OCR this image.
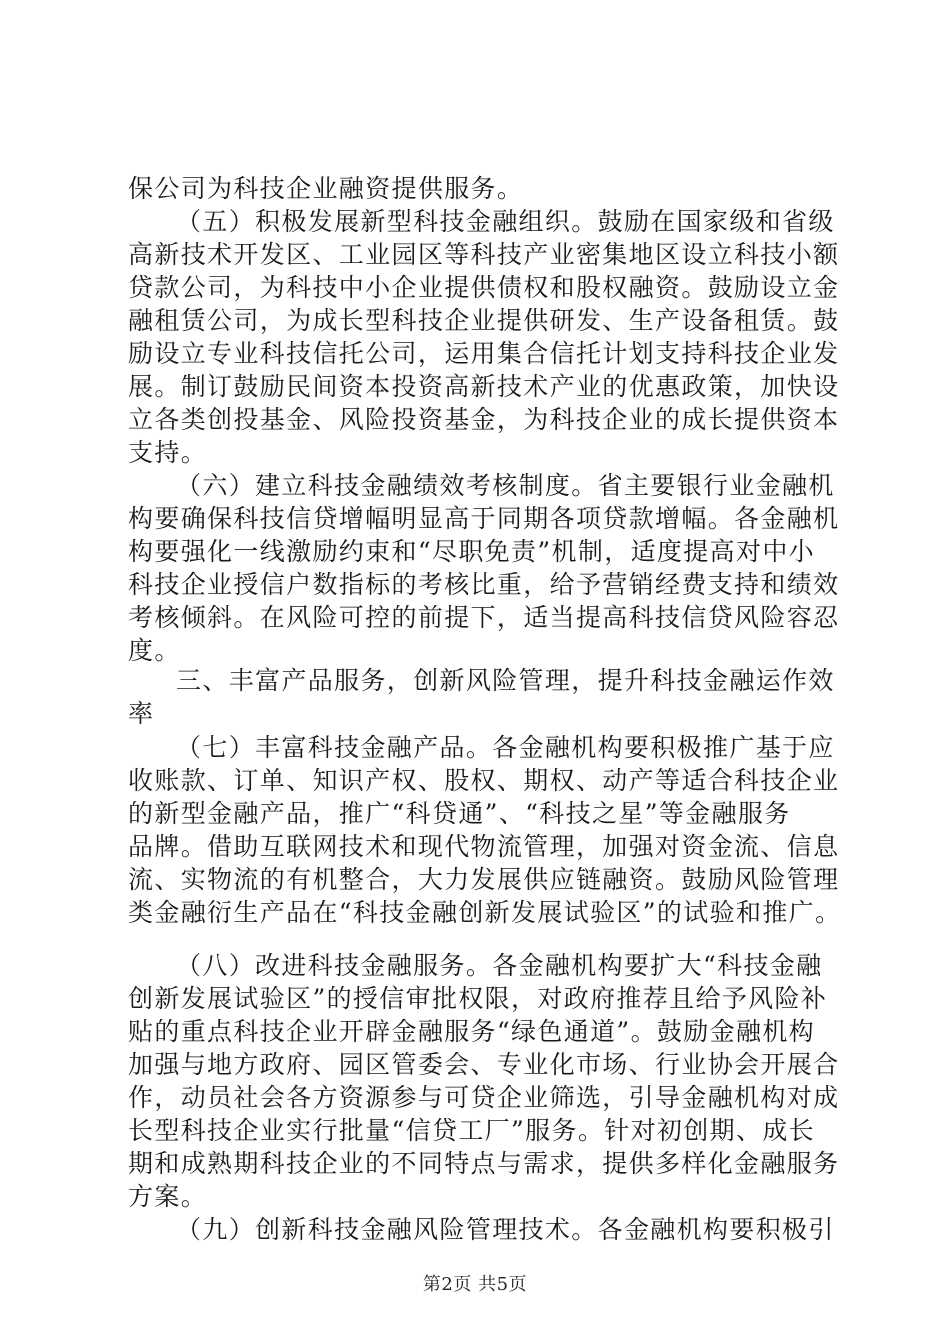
保公司为科技企业融资提供服务。
（五）积极发展新型科技金融组织。鼓励在国家级和省级
高新技术开发区、工业园区等科技产业密集地区设立科技小额
贷款公司，为科技中小企业提供债权和股权融资。鼓励设立金
融租赁公司，为成长型科技企业提供研发、生产设备租赁。鼓
励设立专业科技信托公司，运用集合信托计划支持科技企业发
展。制订鼓励民间资本投资高新技术产业的优惠政策，加快设
立各类创投基金、风险投资基金，为科技企业的成长提供资本
支持。
（六）建立科技金融绩效考核制度。省主要银行业金融机
构要确保科技信贷增幅明显高于同期各项贷款增幅。各金融机
构要强化一线激励约束和“尽职免责”机制，适度提高对中小
科技企业授信户数指标的考核比重，给予营销经费支持和绩效
考核倾斜。在风险可控的前提下，适当提高科技信贷风险容忍
度。
三、丰富产品服务，创新风险管理，提升科技金融运作效
率
（七）丰富科技金融产品。各金融机构要积极推广基于应
收账款、订单、知识产权、股权、期权、动产等适合科技企业
的新型金融产品，推广“科贷通”、“科技之星”等金融服务
品牌。借助互联网技术和现代物流管理，加强对资金流、信息
流、实物流的有机整合，大力发展供应链融资。鼓励风险管理
类金融衍生产品在“科技金融创新发展试验区”的试验和推广。
（八）改进科技金融服务。各金融机构要扩大“科技金融
创新发展试验区”的授信审批权限，对政府推荐且给予风险补
贴的重点科技企业开辟金融服务“绿色通道”。鼓励金融机构
加强与地方政府、园区管委会、专业化市场、行业协会开展合
作，动员社会各方资源参与可贷企业筛选，引导金融机构对成
长型科技企业实行批量“信贷工厂”服务。针对初创期、成长
期和成熟期科技企业的不同特点与需求，提供多样化金融服务
方案。
（九）创新科技金融风险管理技术。各金融机构要积极引
第2页 共5页
